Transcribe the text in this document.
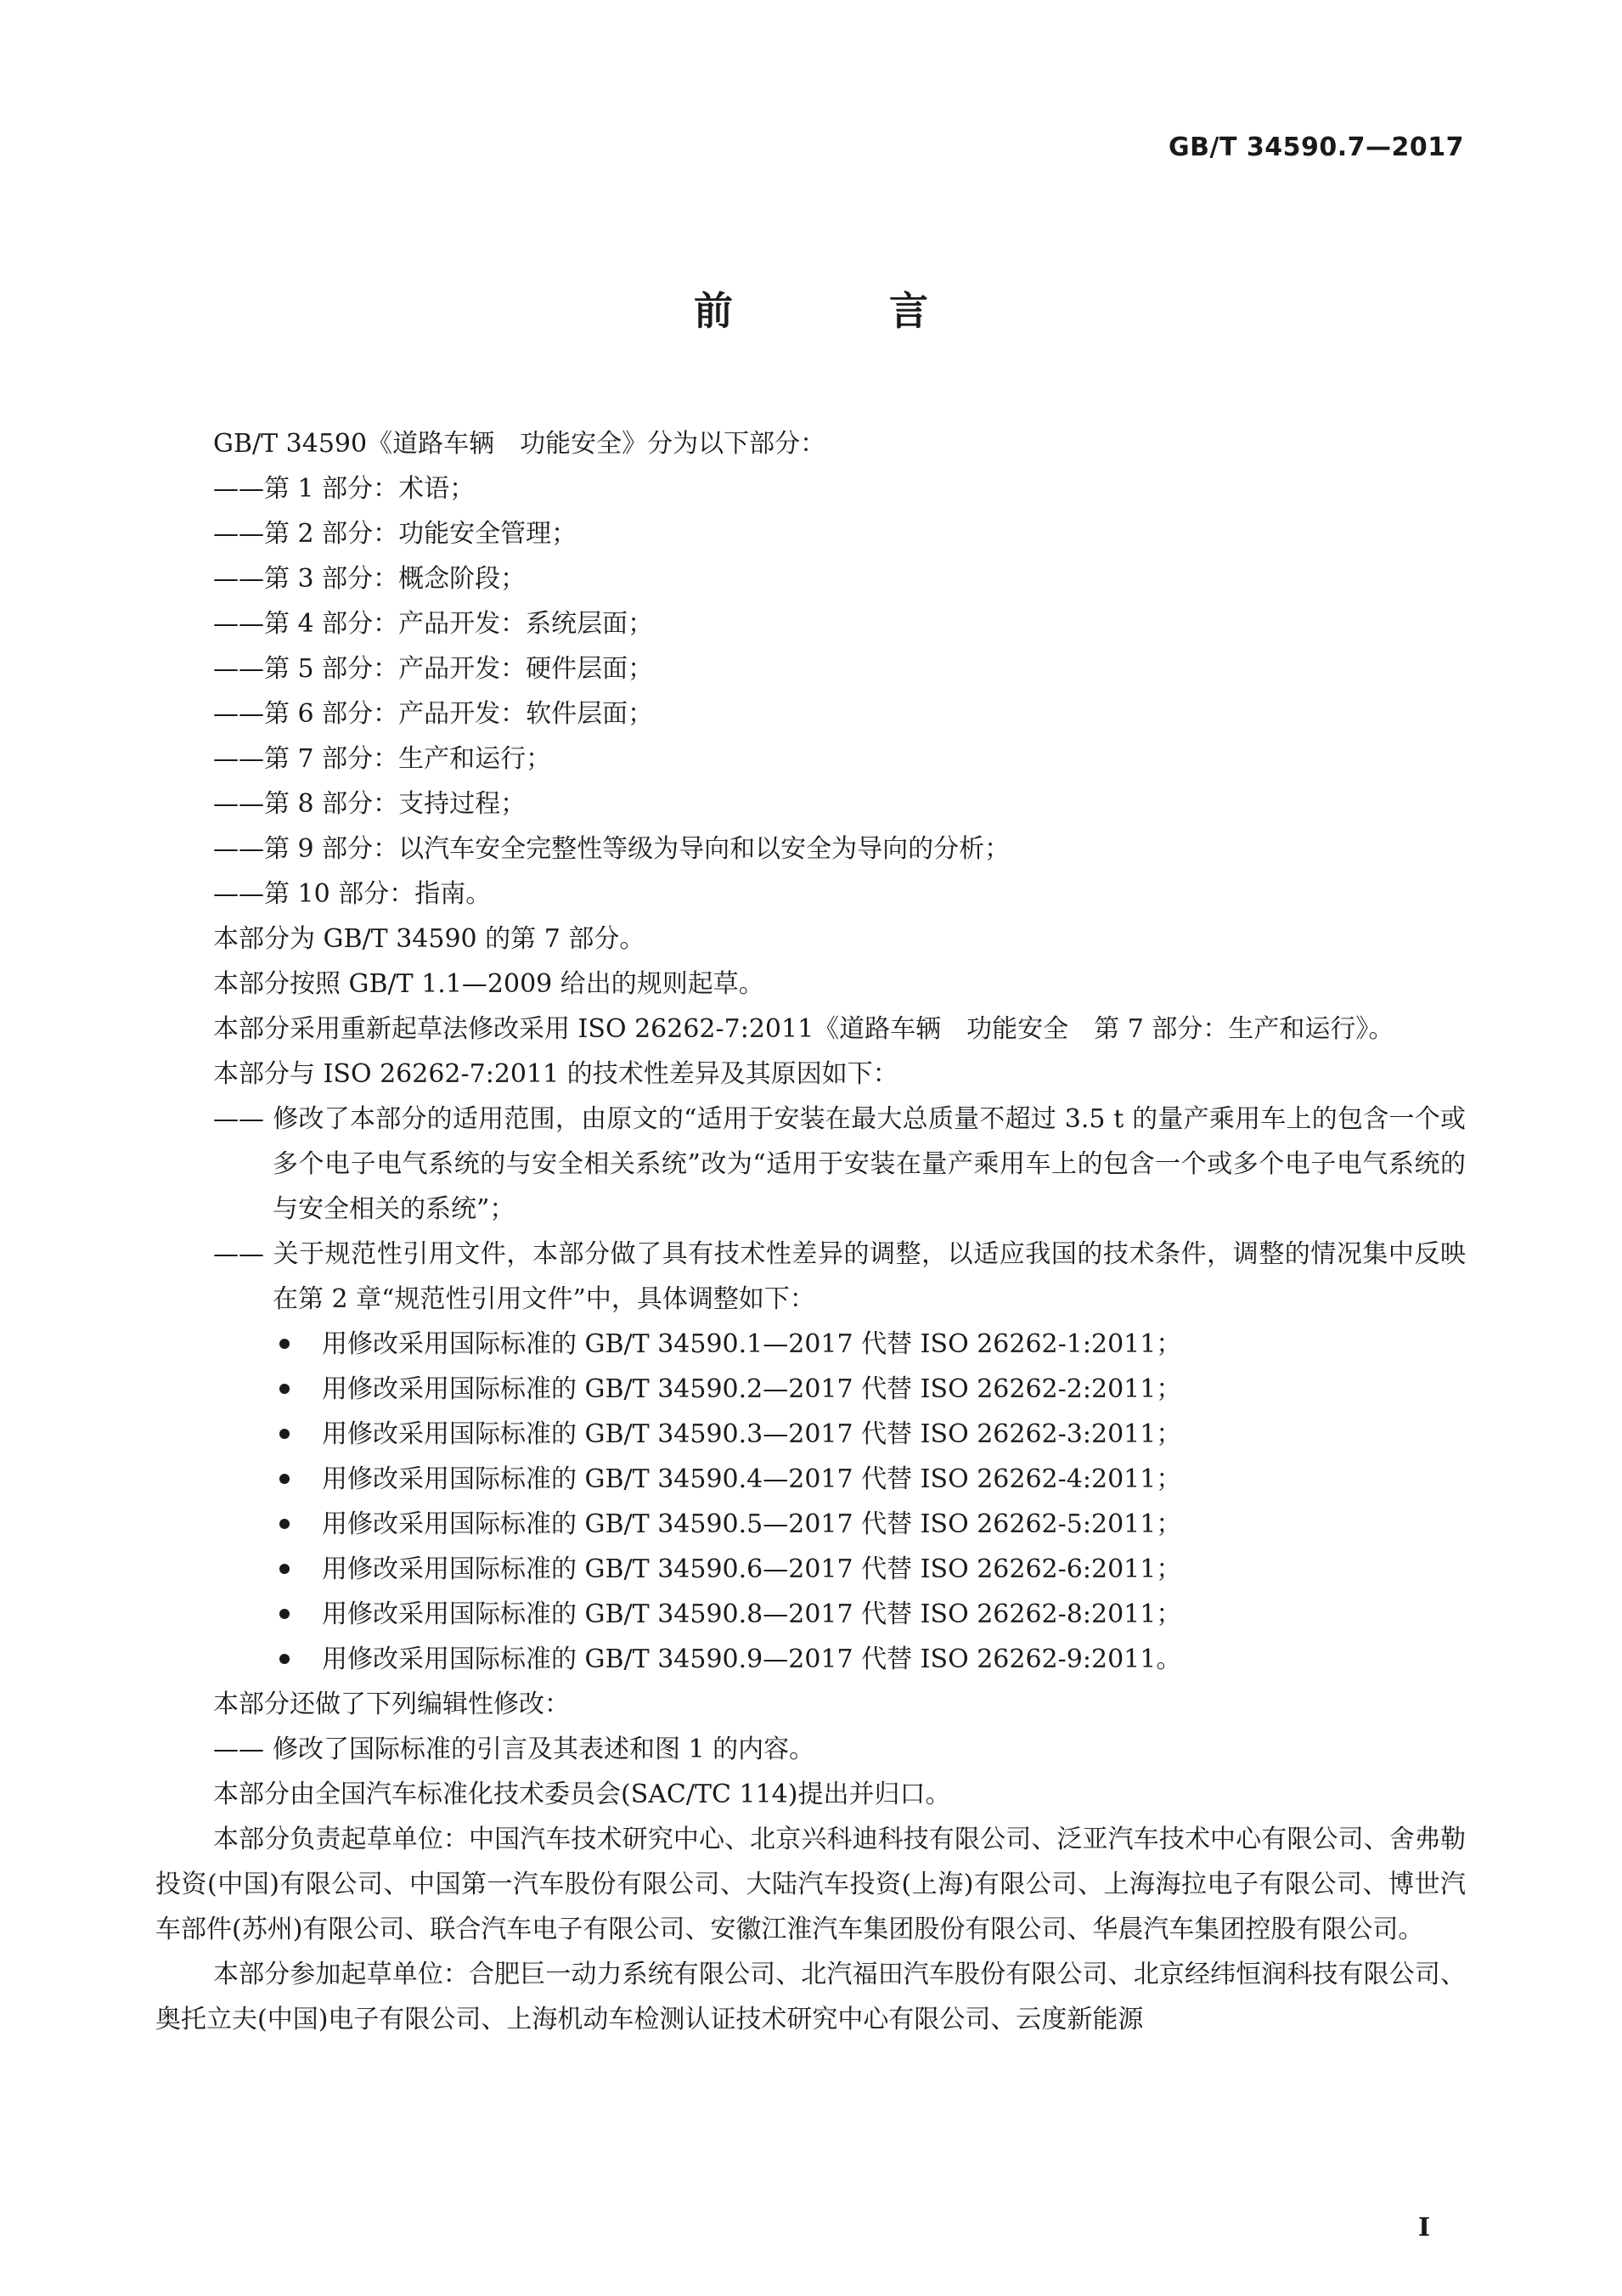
GB/T 34590.7—2017
前 言

GB/T 34590《道路车辆　功能安全》分为以下部分：

——第 1 部分：术语；

——第 2 部分：功能安全管理；

——第 3 部分：概念阶段；

——第 4 部分：产品开发：系统层面；

——第 5 部分：产品开发：硬件层面；

——第 6 部分：产品开发：软件层面；

——第 7 部分：生产和运行；

——第 8 部分：支持过程；

——第 9 部分：以汽车安全完整性等级为导向和以安全为导向的分析；

——第 10 部分：指南。

本部分为 GB/T 34590 的第 7 部分。

本部分按照 GB/T 1.1—2009 给出的规则起草。

本部分采用重新起草法修改采用 ISO 26262-7:2011《道路车辆　功能安全　第 7 部分：生产和运行》。

本部分与 ISO 26262-7:2011 的技术性差异及其原因如下：

—— 修改了本部分的适用范围，由原文的“适用于安装在最大总质量不超过 3.5 t 的量产乘用车上的包含一个或多个电子电气系统的与安全相关系统”改为“适用于安装在量产乘用车上的包含一个或多个电子电气系统的与安全相关的系统”；

—— 关于规范性引用文件，本部分做了具有技术性差异的调整，以适应我国的技术条件，调整的情况集中反映在第 2 章“规范性引用文件”中，具体调整如下：

用修改采用国际标准的 GB/T 34590.1—2017 代替 ISO 26262-1:2011；

用修改采用国际标准的 GB/T 34590.2—2017 代替 ISO 26262-2:2011；

用修改采用国际标准的 GB/T 34590.3—2017 代替 ISO 26262-3:2011；

用修改采用国际标准的 GB/T 34590.4—2017 代替 ISO 26262-4:2011；

用修改采用国际标准的 GB/T 34590.5—2017 代替 ISO 26262-5:2011；

用修改采用国际标准的 GB/T 34590.6—2017 代替 ISO 26262-6:2011；

用修改采用国际标准的 GB/T 34590.8—2017 代替 ISO 26262-8:2011；

用修改采用国际标准的 GB/T 34590.9—2017 代替 ISO 26262-9:2011。

本部分还做了下列编辑性修改：

—— 修改了国际标准的引言及其表述和图 1 的内容。

本部分由全国汽车标准化技术委员会(SAC/TC 114)提出并归口。

本部分负责起草单位：中国汽车技术研究中心、北京兴科迪科技有限公司、泛亚汽车技术中心有限公司、舍弗勒投资(中国)有限公司、中国第一汽车股份有限公司、大陆汽车投资(上海)有限公司、上海海拉电子有限公司、博世汽车部件(苏州)有限公司、联合汽车电子有限公司、安徽江淮汽车集团股份有限公司、华晨汽车集团控股有限公司。

本部分参加起草单位：合肥巨一动力系统有限公司、北汽福田汽车股份有限公司、北京经纬恒润科技有限公司、奥托立夫(中国)电子有限公司、上海机动车检测认证技术研究中心有限公司、云度新能源

I
